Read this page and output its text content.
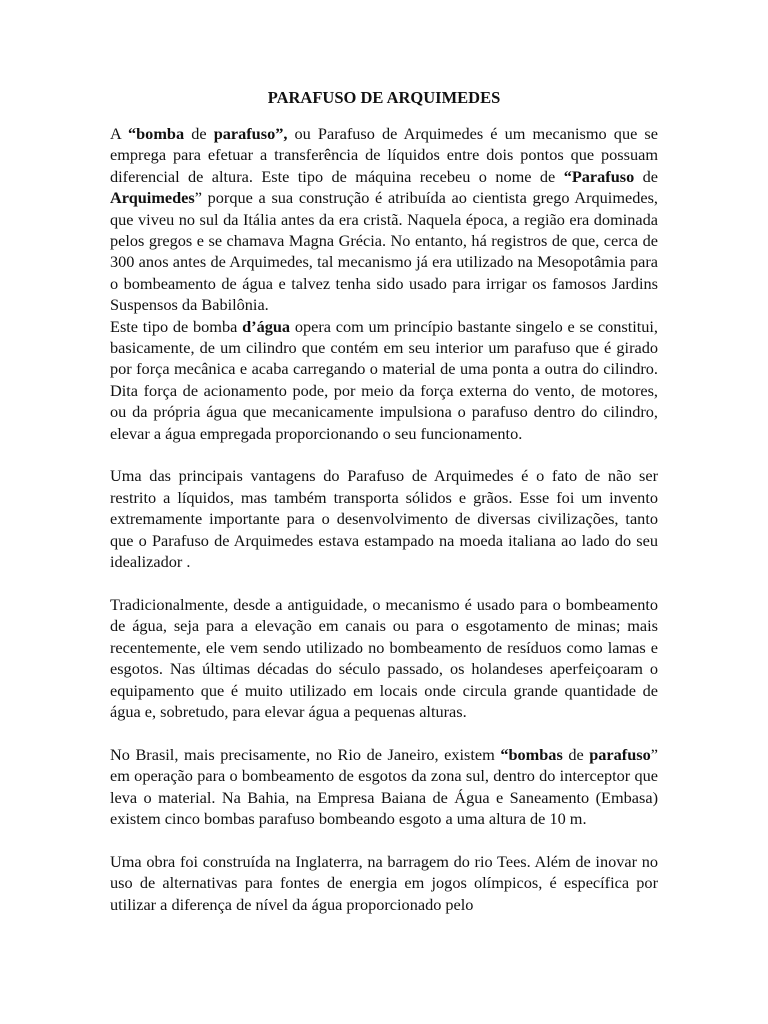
PARAFUSO DE ARQUIMEDES

A “bomba de parafuso”, ou Parafuso de Arquimedes é um mecanismo que se emprega para efetuar a transferência de líquidos entre dois pontos que possuam diferencial de altura. Este tipo de máquina recebeu o nome de “Parafuso de Arquimedes” porque a sua construção é atribuída ao cientista grego Arquimedes, que viveu no sul da Itália antes da era cristã. Naquela época, a região era dominada pelos gregos e se chamava Magna Grécia. No entanto, há registros de que, cerca de 300 anos antes de Arquimedes, tal mecanismo já era utilizado na Mesopotâmia para o bombeamento de água e talvez tenha sido usado para irrigar os famosos Jardins Suspensos da Babilônia.

Este tipo de bomba d’água opera com um princípio bastante singelo e se constitui, basicamente, de um cilindro que contém em seu interior um parafuso que é girado por força mecânica e acaba carregando o material de uma ponta a outra do cilindro. Dita força de acionamento pode, por meio da força externa do vento, de motores, ou da própria água que mecanicamente impulsiona o parafuso dentro do cilindro, elevar a água empregada proporcionando o seu funcionamento.

Uma das principais vantagens do Parafuso de Arquimedes é o fato de não ser restrito a líquidos, mas também transporta sólidos e grãos. Esse foi um invento extremamente importante para o desenvolvimento de diversas civilizações, tanto que o Parafuso de Arquimedes estava estampado na moeda italiana ao lado do seu idealizador .

Tradicionalmente, desde a antiguidade, o mecanismo é usado para o bombeamento de água, seja para a elevação em canais ou para o esgotamento de minas; mais recentemente, ele vem sendo utilizado no bombeamento de resíduos como lamas e esgotos. Nas últimas décadas do século passado, os holandeses aperfeiçoaram o equipamento que é muito utilizado em locais onde circula grande quantidade de água e, sobretudo, para elevar água a pequenas alturas.

No Brasil, mais precisamente, no Rio de Janeiro, existem “bombas de parafuso” em operação para o bombeamento de esgotos da zona sul, dentro do interceptor que leva o material. Na Bahia, na Empresa Baiana de Água e Saneamento (Embasa) existem cinco bombas parafuso bombeando esgoto a uma altura de 10 m.

Uma obra foi construída na Inglaterra, na barragem do rio Tees. Além de inovar no uso de alternativas para fontes de energia em jogos olímpicos, é específica por utilizar a diferença de nível da água proporcionado pelo
